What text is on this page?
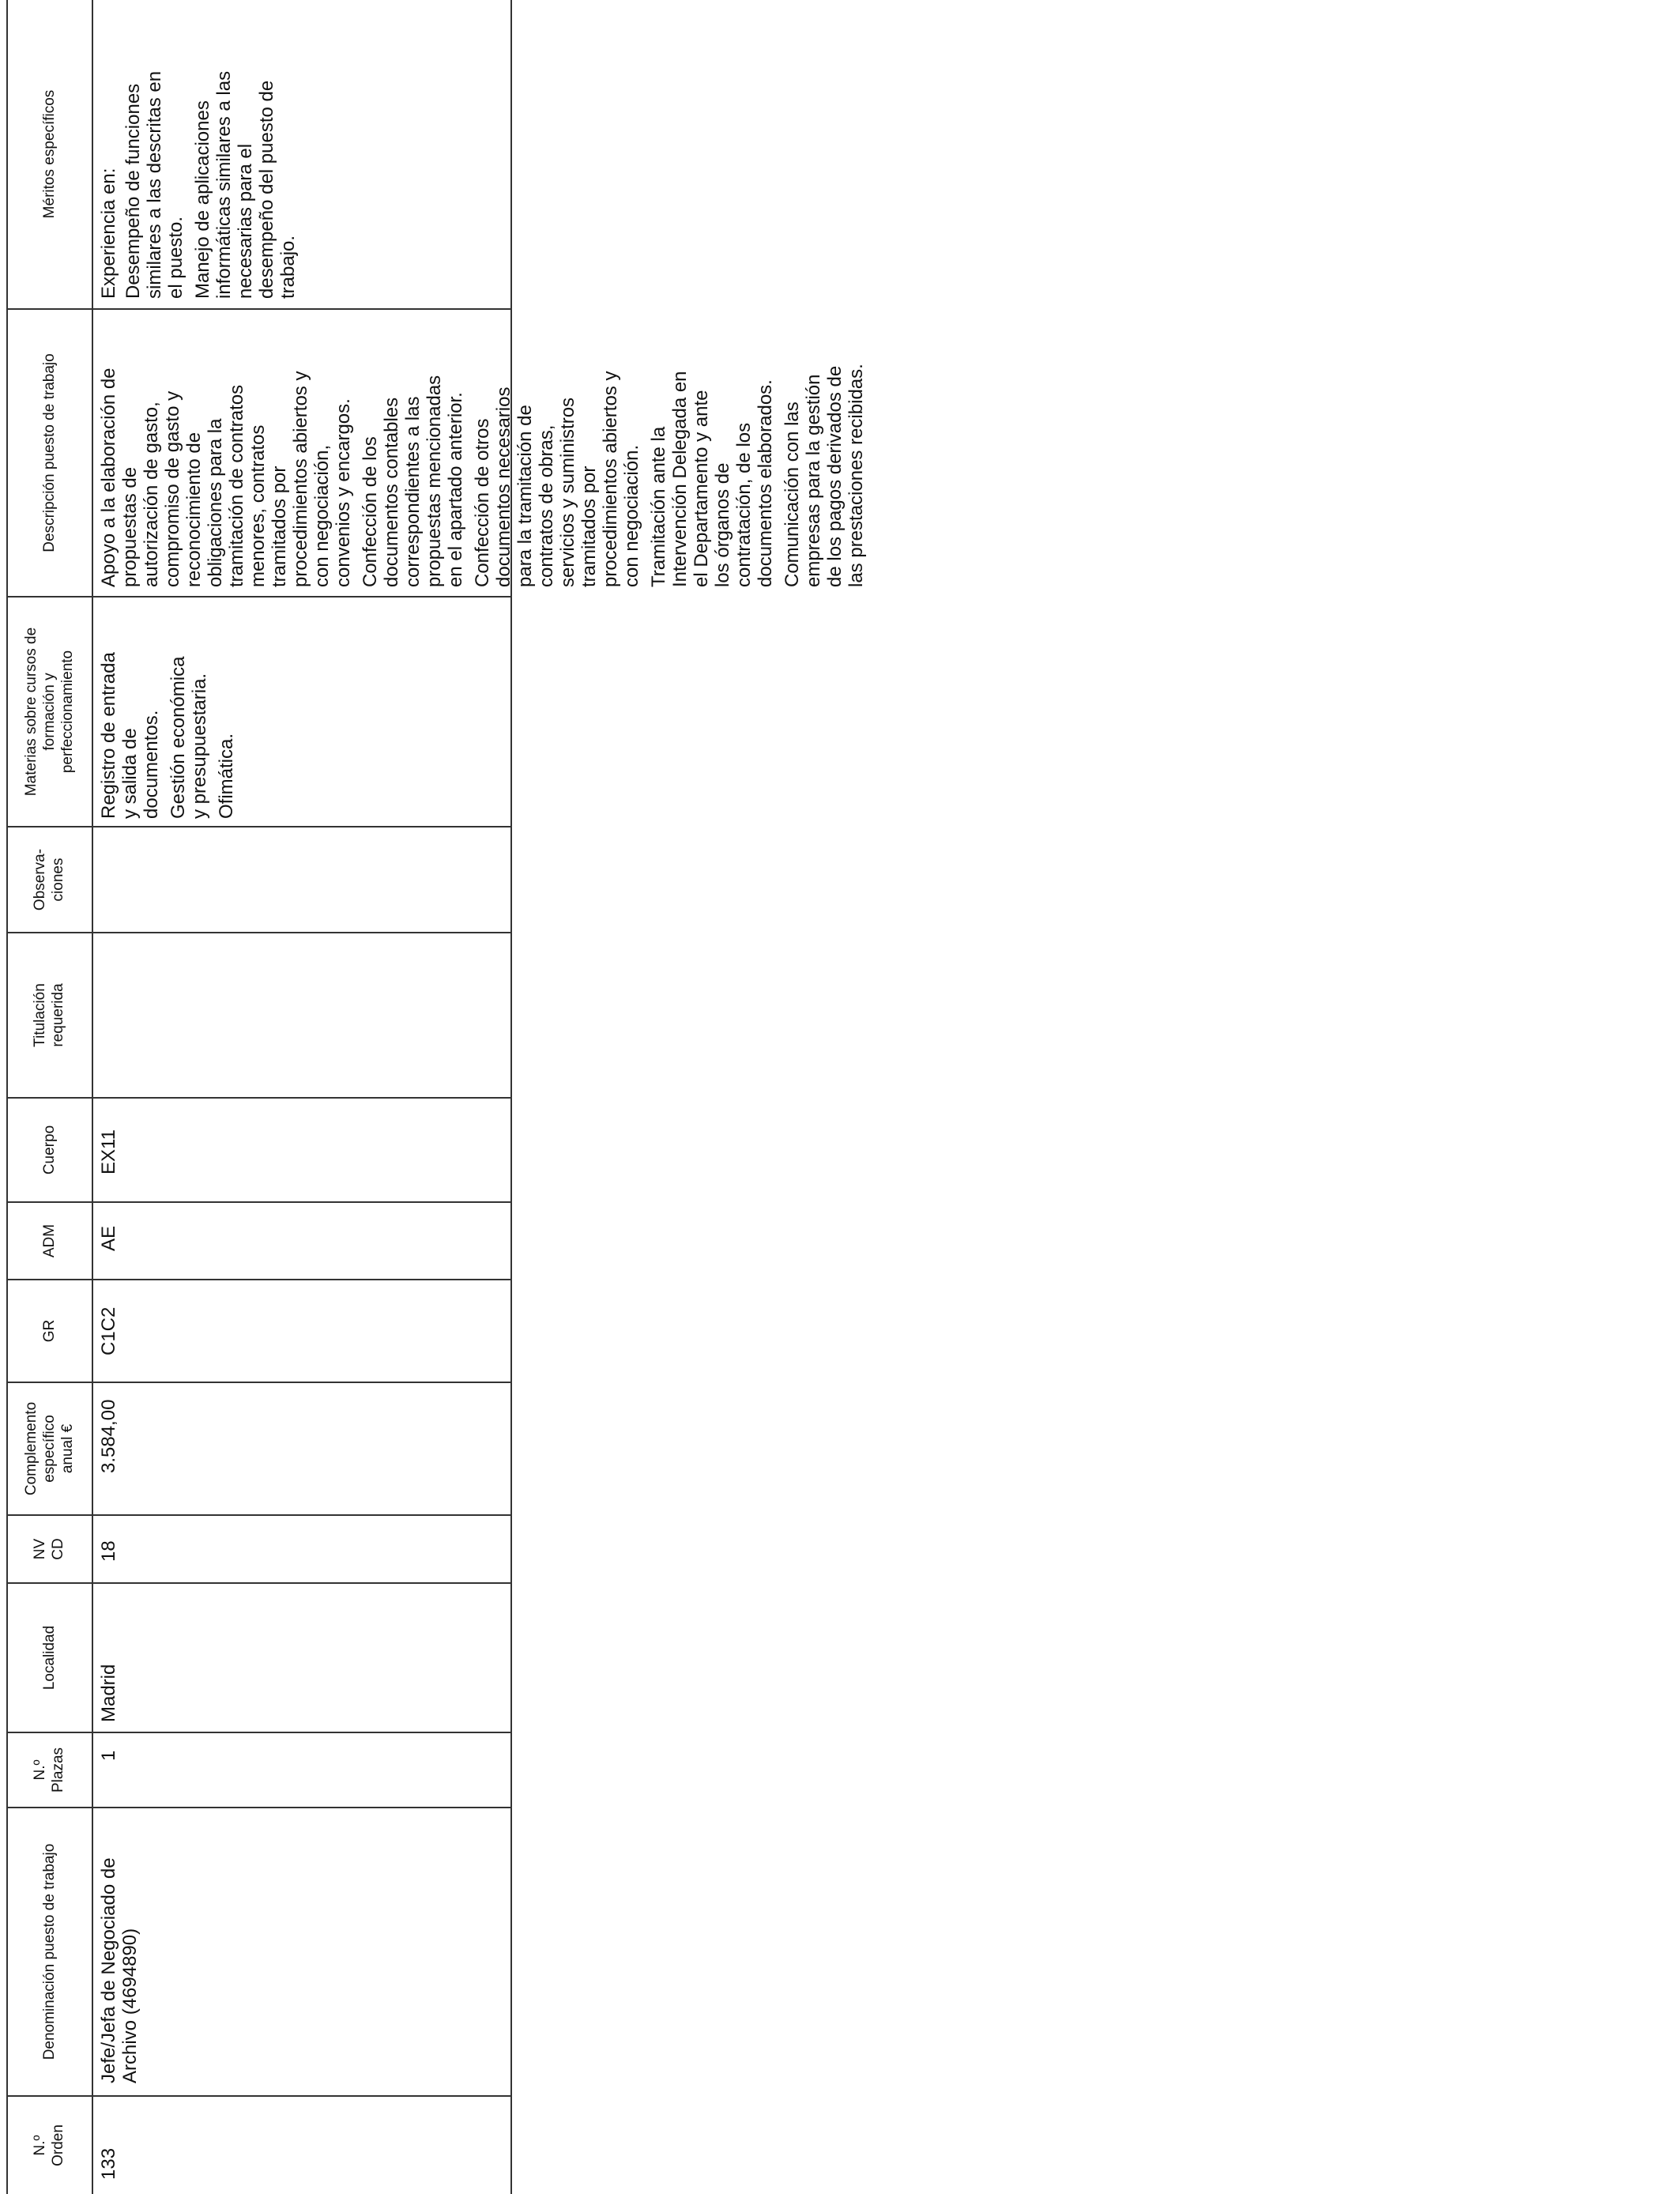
N.º
Orden
Denominación puesto de trabajo
N.º
Plazas
Localidad
NV
CD
Complemento
específico
anual €
GR
ADM
Cuerpo
Titulación
requerida
Observa-
ciones
Materias sobre cursos de
formación y
perfeccionamiento
Descripción puesto de trabajo
Méritos específicos
133
Jefe/Jefa de Negociado de
Archivo (4694890)
1
Madrid
18
3.584,00
C1C2
AE
EX11

Registro de entrada
y salida de
documentos. Gestión económica
y presupuestaria. Ofimática.

Apoyo a la elaboración de
propuestas de
autorización de gasto,
compromiso de gasto y
reconocimiento de
obligaciones para la
tramitación de contratos
menores, contratos
tramitados por
procedimientos abiertos y
con negociación,
convenios y encargos.

Confección de los
documentos contables
correspondientes a las
propuestas mencionadas
en el apartado anterior.

Confección de otros
documentos necesarios
para la tramitación de
contratos de obras,
servicios y suministros
tramitados por
procedimientos abiertos y
con negociación. Tramitación ante la
Intervención Delegada en
el Departamento y ante
los órganos de
contratación, de los
documentos elaborados.

Comunicación con las
empresas para la gestión
de los pagos derivados de
las prestaciones recibidas.

Experiencia en: Desempeño de funciones
similares a las descritas en
el puesto. Manejo de aplicaciones
informáticas similares a las
necesarias para el
desempeño del puesto de
trabajo.
